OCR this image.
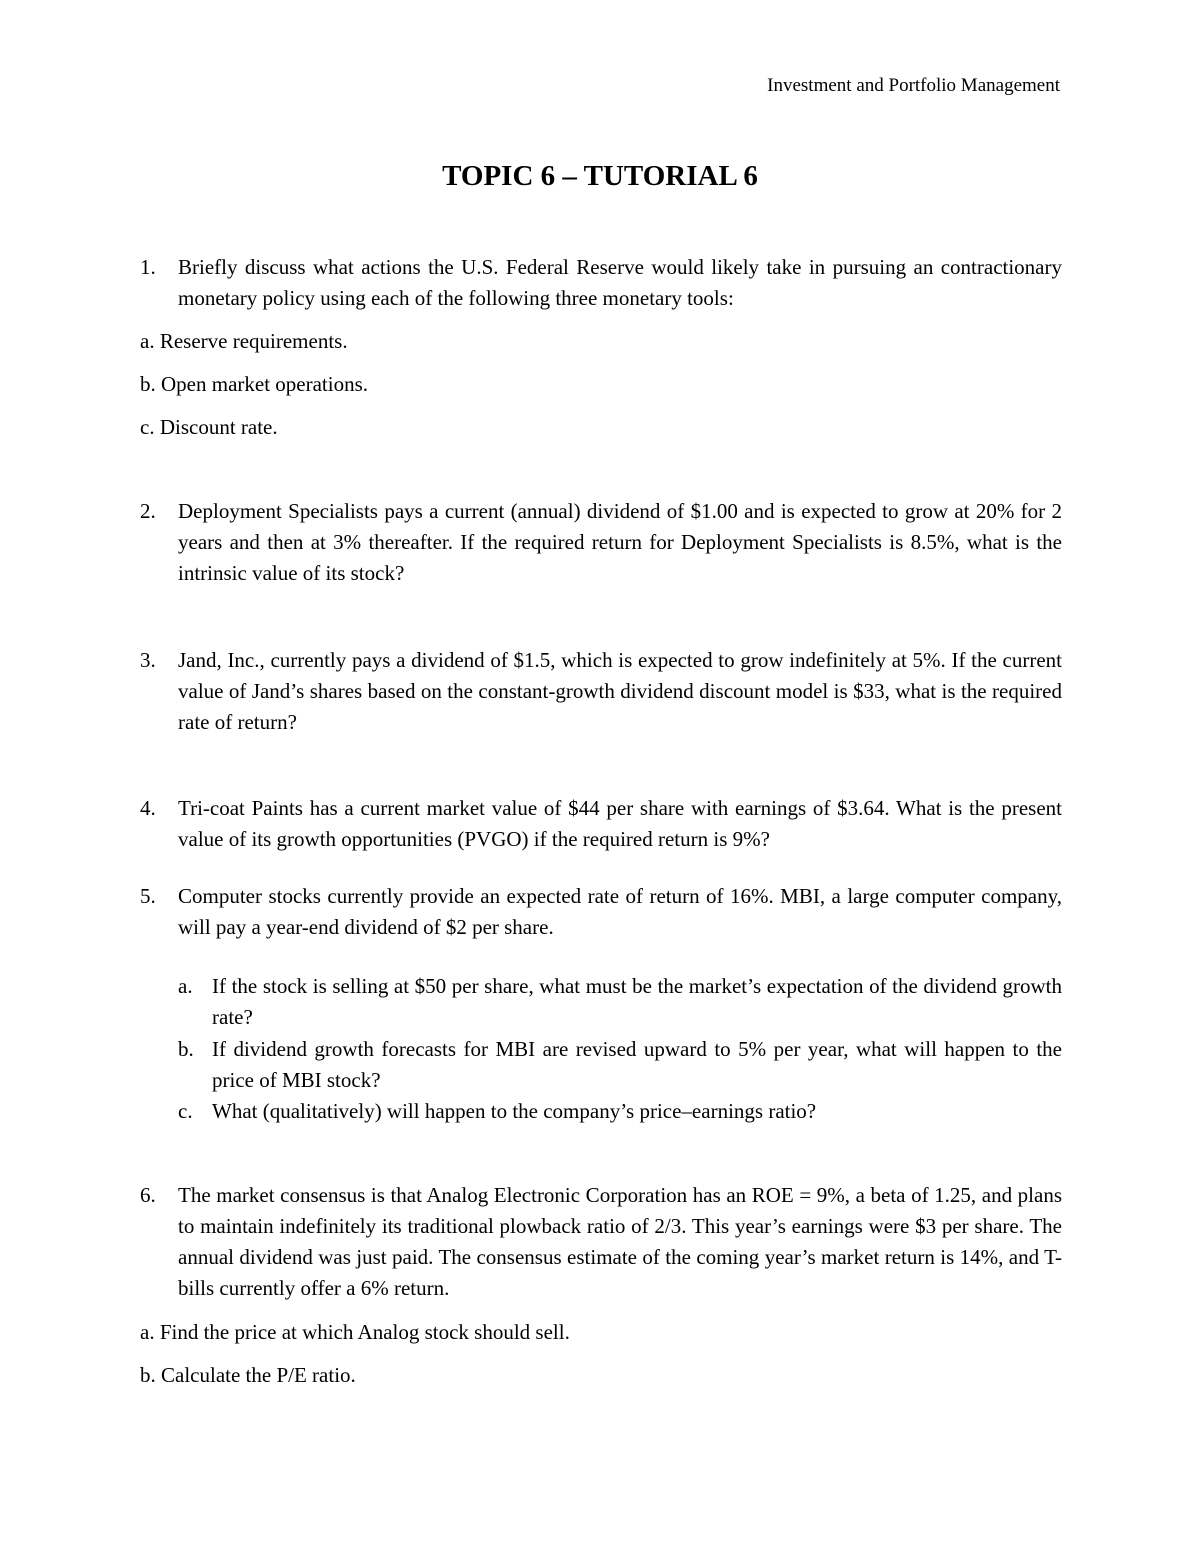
Investment and Portfolio Management
TOPIC 6 – TUTORIAL 6
1. Briefly discuss what actions the U.S. Federal Reserve would likely take in pursuing an contractionary monetary policy using each of the following three monetary tools:
a. Reserve requirements.
b. Open market operations.
c. Discount rate.
2. Deployment Specialists pays a current (annual) dividend of $1.00 and is expected to grow at 20% for 2 years and then at 3% thereafter. If the required return for Deployment Specialists is 8.5%, what is the intrinsic value of its stock?
3. Jand, Inc., currently pays a dividend of $1.5, which is expected to grow indefinitely at 5%. If the current value of Jand’s shares based on the constant-growth dividend discount model is $33, what is the required rate of return?
4. Tri-coat Paints has a current market value of $44 per share with earnings of $3.64. What is the present value of its growth opportunities (PVGO) if the required return is 9%?
5. Computer stocks currently provide an expected rate of return of 16%. MBI, a large computer company, will pay a year-end dividend of $2 per share.
a. If the stock is selling at $50 per share, what must be the market’s expectation of the dividend growth rate?
b. If dividend growth forecasts for MBI are revised upward to 5% per year, what will happen to the price of MBI stock?
c. What (qualitatively) will happen to the company’s price–earnings ratio?
6. The market consensus is that Analog Electronic Corporation has an ROE = 9%, a beta of 1.25, and plans to maintain indefinitely its traditional plowback ratio of 2/3. This year’s earnings were $3 per share. The annual dividend was just paid. The consensus estimate of the coming year’s market return is 14%, and T-bills currently offer a 6% return.
a. Find the price at which Analog stock should sell.
b. Calculate the P/E ratio.
